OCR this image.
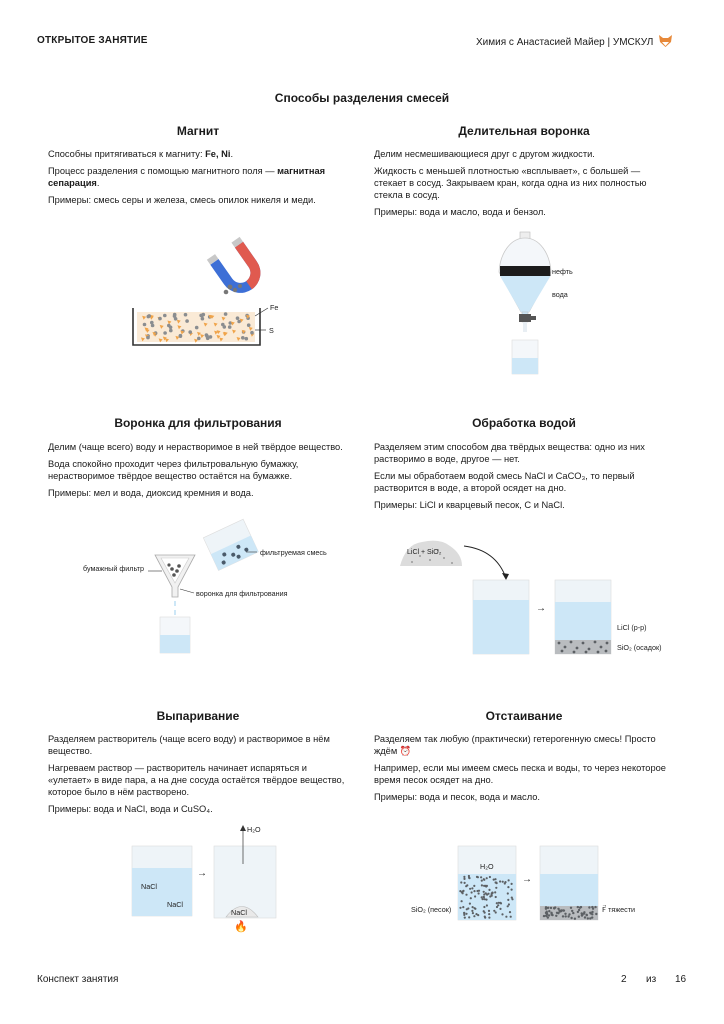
ОТКРЫТОЕ ЗАНЯТИЕ	Химия с Анастасией Майер | УМСКУЛ
Способы разделения смесей
Магнит

Способны притягиваться к магниту: Fe, Ni.

Процесс разделения с помощью магнитного поля — магнитная сепарация.

Примеры: смесь серы и железа, смесь опилок никеля и меди.

Fe
S
Делительная воронка

Делим несмешивающиеся друг с другом жидкости.

Жидкость с меньшей плотностью «всплывает», с большей — стекает в сосуд. Закрываем кран, когда одна из них полностью стекла в сосуд.

Примеры: вода и масло, вода и бензол.

нефть
вода
Воронка для фильтрования

Делим (чаще всего) воду и нерастворимое в ней твёрдое вещество.

Вода спокойно проходит через фильтровальную бумажку, нерастворимое твёрдое вещество остаётся на бумажке.

Примеры: мел и вода, диоксид кремния и вода.

бумажный фильтр
фильтруемая смесь
воронка для фильтрования
Обработка водой

Разделяем этим способом два твёрдых вещества: одно из них растворимо в воде, другое — нет.

Если мы обработаем водой смесь NaCl и CaCO₃, то первый растворится в воде, а второй осядет на дно.

Примеры: LiCl и кварцевый песок, C и NaCl.

LiCl + SiO₂
→
LiCl (р-р)
SiO₂ (осадок)
Выпаривание

Разделяем растворитель (чаще всего воду) и растворимое в нём вещество.

Нагреваем раствор — растворитель начинает испаряться и «улетает» в виде пара, а на дне сосуда остаётся твёрдое вещество, которое было в нём растворено.

Примеры: вода и NaCl, вода и CuSO₄.

NaCl
NaCl
NaCl
H₂O
→
🔥
Отстаивание

Разделяем так любую (практически) гетерогенную смесь! Просто ждём ⏰

Например, если мы имеем смесь песка и воды, то через некоторое время песок осядет на дно.

Примеры: вода и песок, вода и масло.

H₂O
SiO₂ (песок)	F⃗ тяжести
→
Конспект занятия	2 из 16
